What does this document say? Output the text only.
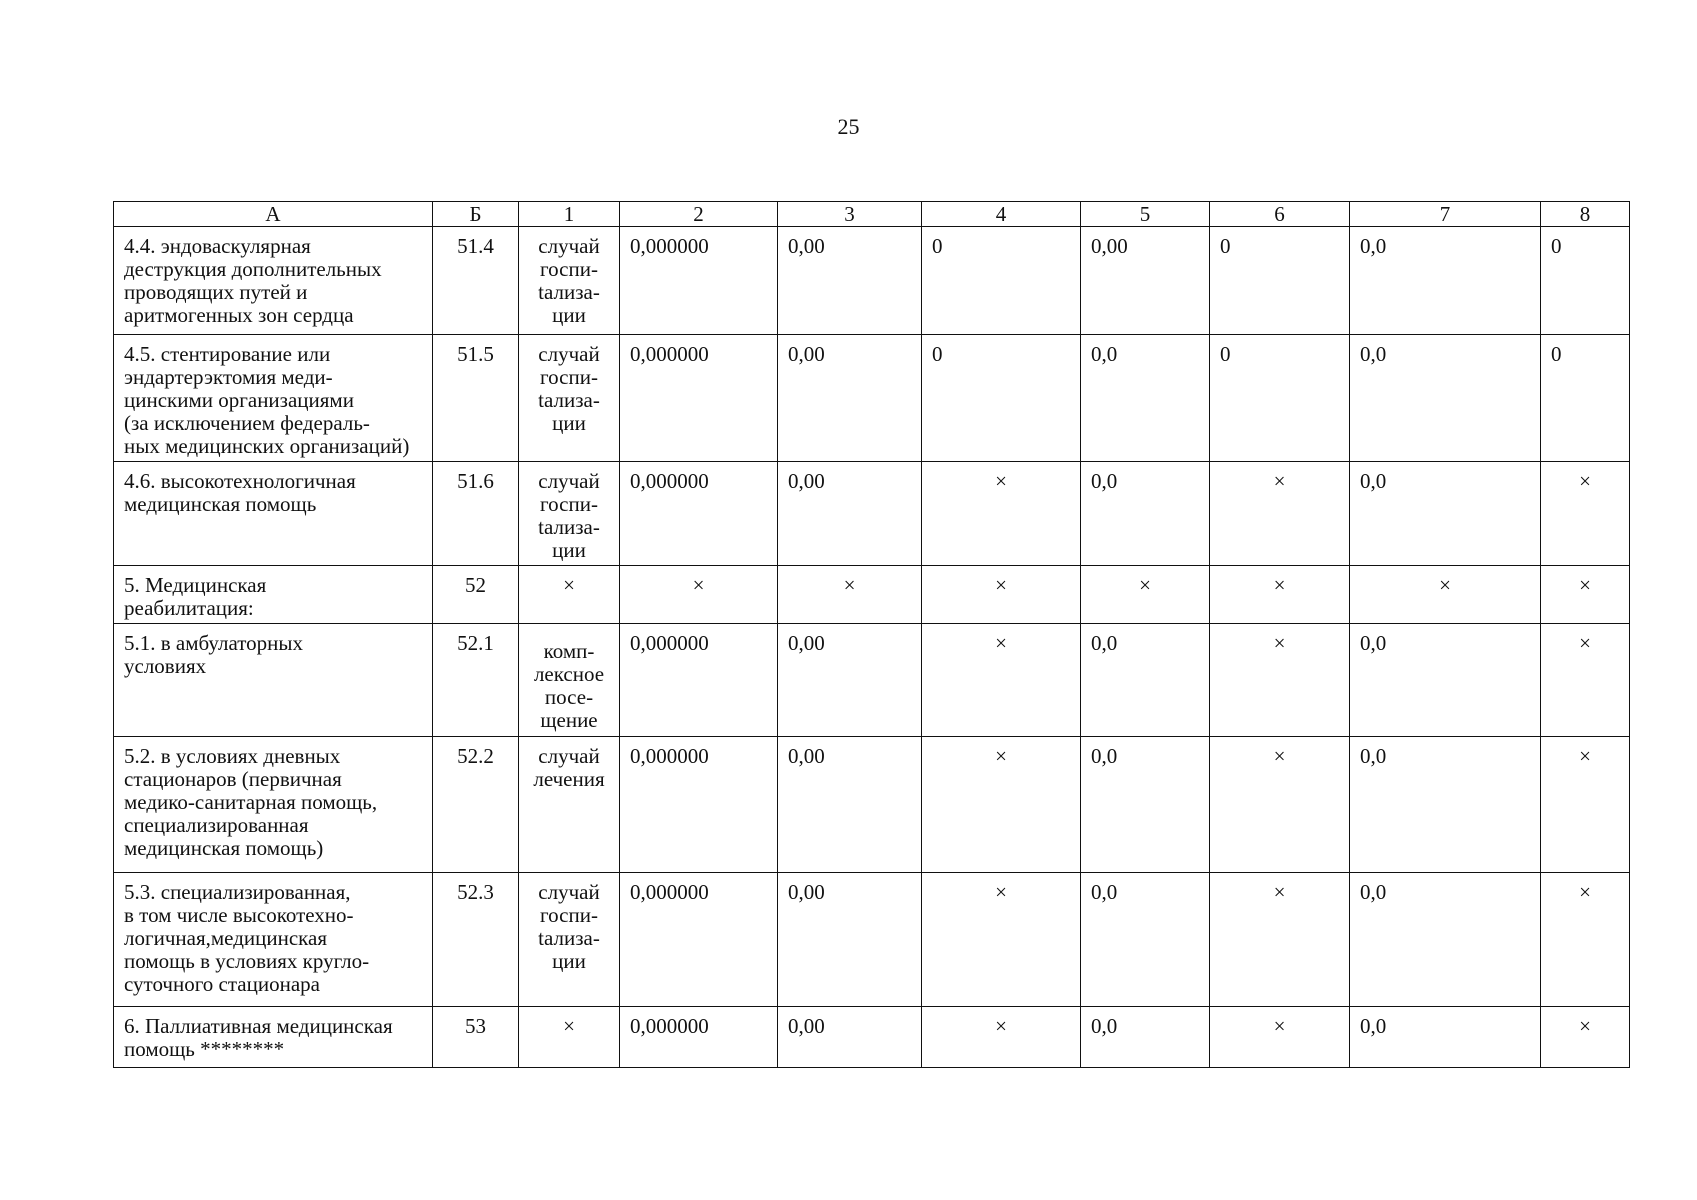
25
А	Б	1	2	3	4	5	6	7	8

4.4. эндоваскулярная
деструкция дополнительных
проводящих путей и
аритмогенных зон сердца	51.4	случай
госпи-
tализа-
ции	0,000000	0,00	0	0,00	0	0,0	0

4.5. стентирование или
эндартерэктомия меди-
цинскими организациями
(за исключением федераль-
ных медицинских организаций)	51.5	случай
госпи-
tализа-
ции	0,000000	0,00	0	0,0	0	0,0	0

4.6. высокотехнологичная
медицинская помощь	51.6	случай
госпи-
tализа-
ции	0,000000	0,00	×	0,0	×	0,0	×

5. Медицинская
реабилитация:	52	×	×	×	×	×	×	×	×

5.1. в амбулаторных
условиях	52.1	комп-
лексное
посе-
щение	0,000000	0,00	×	0,0	×	0,0	×

5.2. в условиях дневных
стационаров (первичная
медико-санитарная помощь,
специализированная
медицинская помощь)	52.2	случай
лечения	0,000000	0,00	×	0,0	×	0,0	×

5.3. специализированная,
в том числе высокотехно-
логичная,медицинская
помощь в условиях кругло-
суточного стационара	52.3	случай
госпи-
tализа-
ции	0,000000	0,00	×	0,0	×	0,0	×

6. Паллиативная медицинская
помощь ********	53	×	0,000000	0,00	×	0,0	×	0,0	×
